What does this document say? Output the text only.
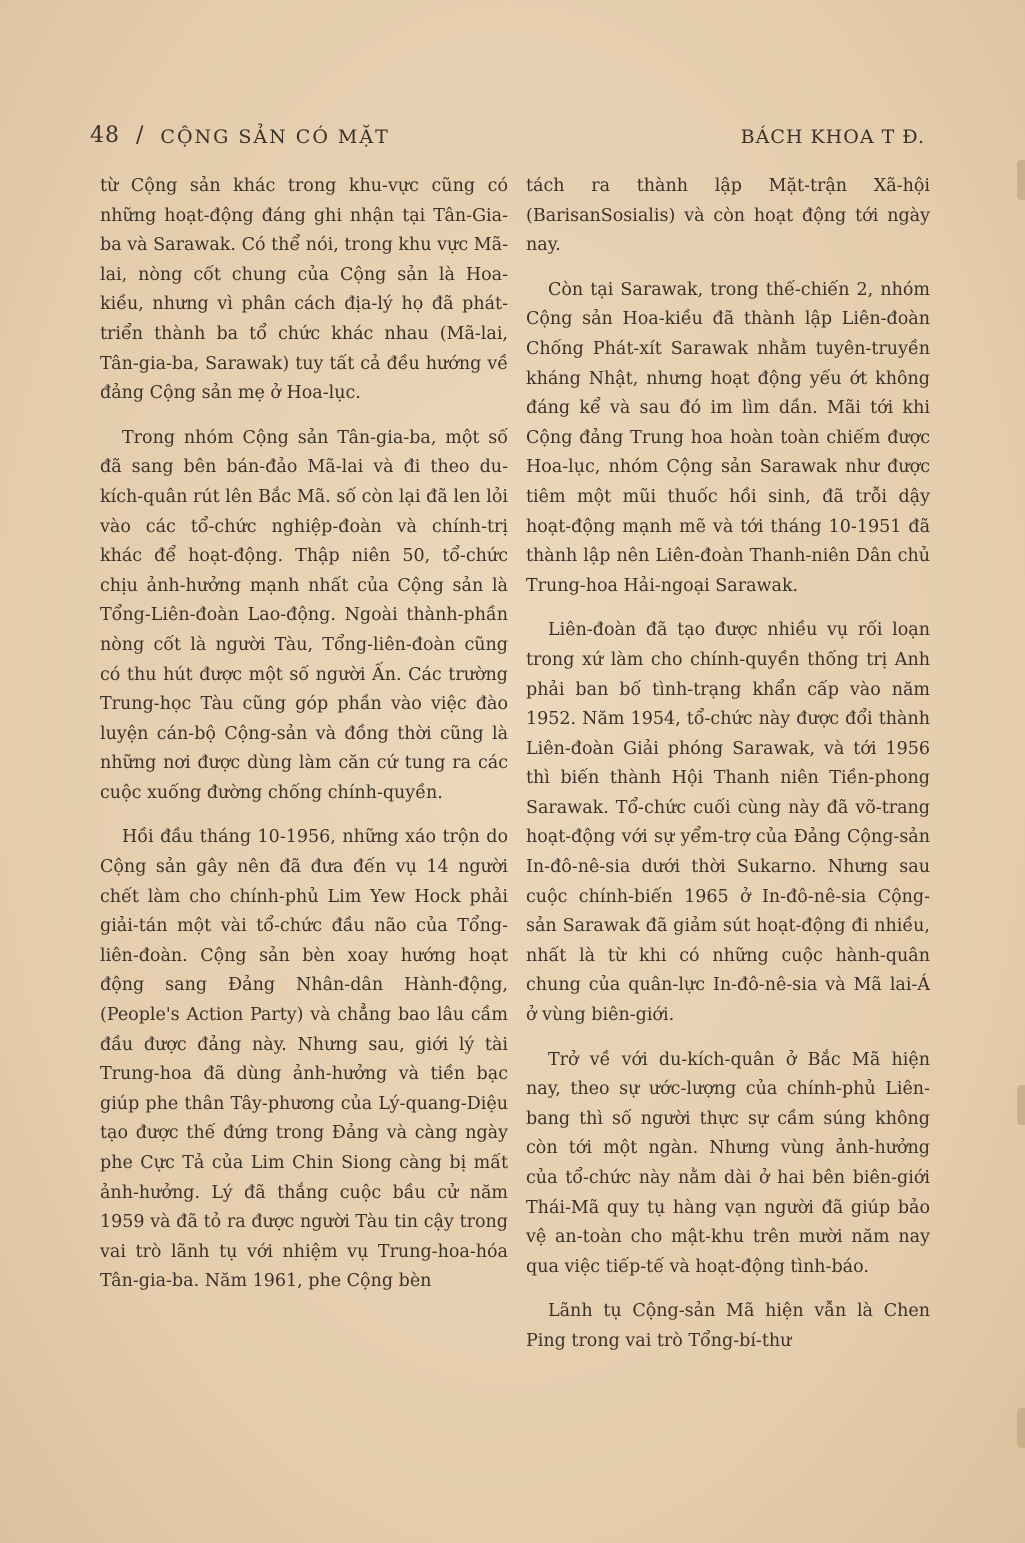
48 / CỘNG SẢN CÓ MẶT	BÁCH KHOA T Đ.

từ Cộng sản khác trong khu-vực cũng có những hoạt-động đáng ghi nhận tại Tân-Gia-ba và Sarawak. Có thể nói, trong khu vực Mã-lai, nòng cốt chung của Cộng sản là Hoa-kiều, nhưng vì phân cách địa-lý họ đã phát-triển thành ba tổ chức khác nhau (Mã-lai, Tân-gia-ba, Sarawak) tuy tất cả đều hướng về đảng Cộng sản mẹ ở Hoa-lục.

Trong nhóm Cộng sản Tân-gia-ba, một số đã sang bên bán-đảo Mã-lai và đi theo du-kích-quân rút lên Bắc Mã. số còn lại đã len lỏi vào các tổ-chức nghiệp-đoàn và chính-trị khác để hoạt-động. Thập niên 50, tổ-chức chịu ảnh-hưởng mạnh nhất của Cộng sản là Tổng-Liên-đoàn Lao-động. Ngoài thành-phần nòng cốt là người Tàu, Tổng-liên-đoàn cũng có thu hút được một số người Ấn. Các trường Trung-học Tàu cũng góp phần vào việc đào luyện cán-bộ Cộng-sản và đồng thời cũng là những nơi được dùng làm căn cứ tung ra các cuộc xuống đường chống chính-quyền.

Hồi đầu tháng 10-1956, những xáo trộn do Cộng sản gây nên đã đưa đến vụ 14 người chết làm cho chính-phủ Lim Yew Hock phải giải-tán một vài tổ-chức đầu não của Tổng-liên-đoàn. Cộng sản bèn xoay hướng hoạt động sang Đảng Nhân-dân Hành-động, (People's Action Party) và chẳng bao lâu cầm đầu được đảng này. Nhưng sau, giới lý tài Trung-hoa đã dùng ảnh-hưởng và tiền bạc giúp phe thân Tây-phương của Lý-quang-Diệu tạo được thế đứng trong Đảng và càng ngày phe Cực Tả của Lim Chin Siong càng bị mất ảnh-hưởng. Lý đã thắng cuộc bầu cử năm 1959 và đã tỏ ra được người Tàu tin cậy trong vai trò lãnh tụ với nhiệm vụ Trung-hoa-hóa Tân-gia-ba. Năm 1961, phe Cộng bèn

tách ra thành lập Mặt-trận Xã-hội (BarisanSosialis) và còn hoạt động tới ngày nay.

Còn tại Sarawak, trong thế-chiến 2, nhóm Cộng sản Hoa-kiều đã thành lập Liên-đoàn Chống Phát-xít Sarawak nhằm tuyên-truyền kháng Nhật, nhưng hoạt động yếu ớt không đáng kể và sau đó im lìm dần. Mãi tới khi Cộng đảng Trung hoa hoàn toàn chiếm được Hoa-lục, nhóm Cộng sản Sarawak như được tiêm một mũi thuốc hồi sinh, đã trỗi dậy hoạt-động mạnh mẽ và tới tháng 10-1951 đã thành lập nên Liên-đoàn Thanh-niên Dân chủ Trung-hoa Hải-ngoại Sarawak.

Liên-đoàn đã tạo được nhiều vụ rối loạn trong xứ làm cho chính-quyền thống trị Anh phải ban bố tình-trạng khẩn cấp vào năm 1952. Năm 1954, tổ-chức này được đổi thành Liên-đoàn Giải phóng Sarawak, và tới 1956 thì biến thành Hội Thanh niên Tiền-phong Sarawak. Tổ-chức cuối cùng này đã võ-trang hoạt-động với sự yểm-trợ của Đảng Cộng-sản In-đô-nê-sia dưới thời Sukarno. Nhưng sau cuộc chính-biến 1965 ở In-đô-nê-sia Cộng-sản Sarawak đã giảm sút hoạt-động đi nhiều, nhất là từ khi có những cuộc hành-quân chung của quân-lực In-đô-nê-sia và Mã lai-Á ở vùng biên-giới.

Trở về với du-kích-quân ở Bắc Mã hiện nay, theo sự ước-lượng của chính-phủ Liên-bang thì số người thực sự cầm súng không còn tới một ngàn. Nhưng vùng ảnh-hưởng của tổ-chức này nằm dài ở hai bên biên-giới Thái-Mã quy tụ hàng vạn người đã giúp bảo vệ an-toàn cho mật-khu trên mười năm nay qua việc tiếp-tế và hoạt-động tình-báo.

Lãnh tụ Cộng-sản Mã hiện vẫn là Chen Ping trong vai trò Tổng-bí-thư
